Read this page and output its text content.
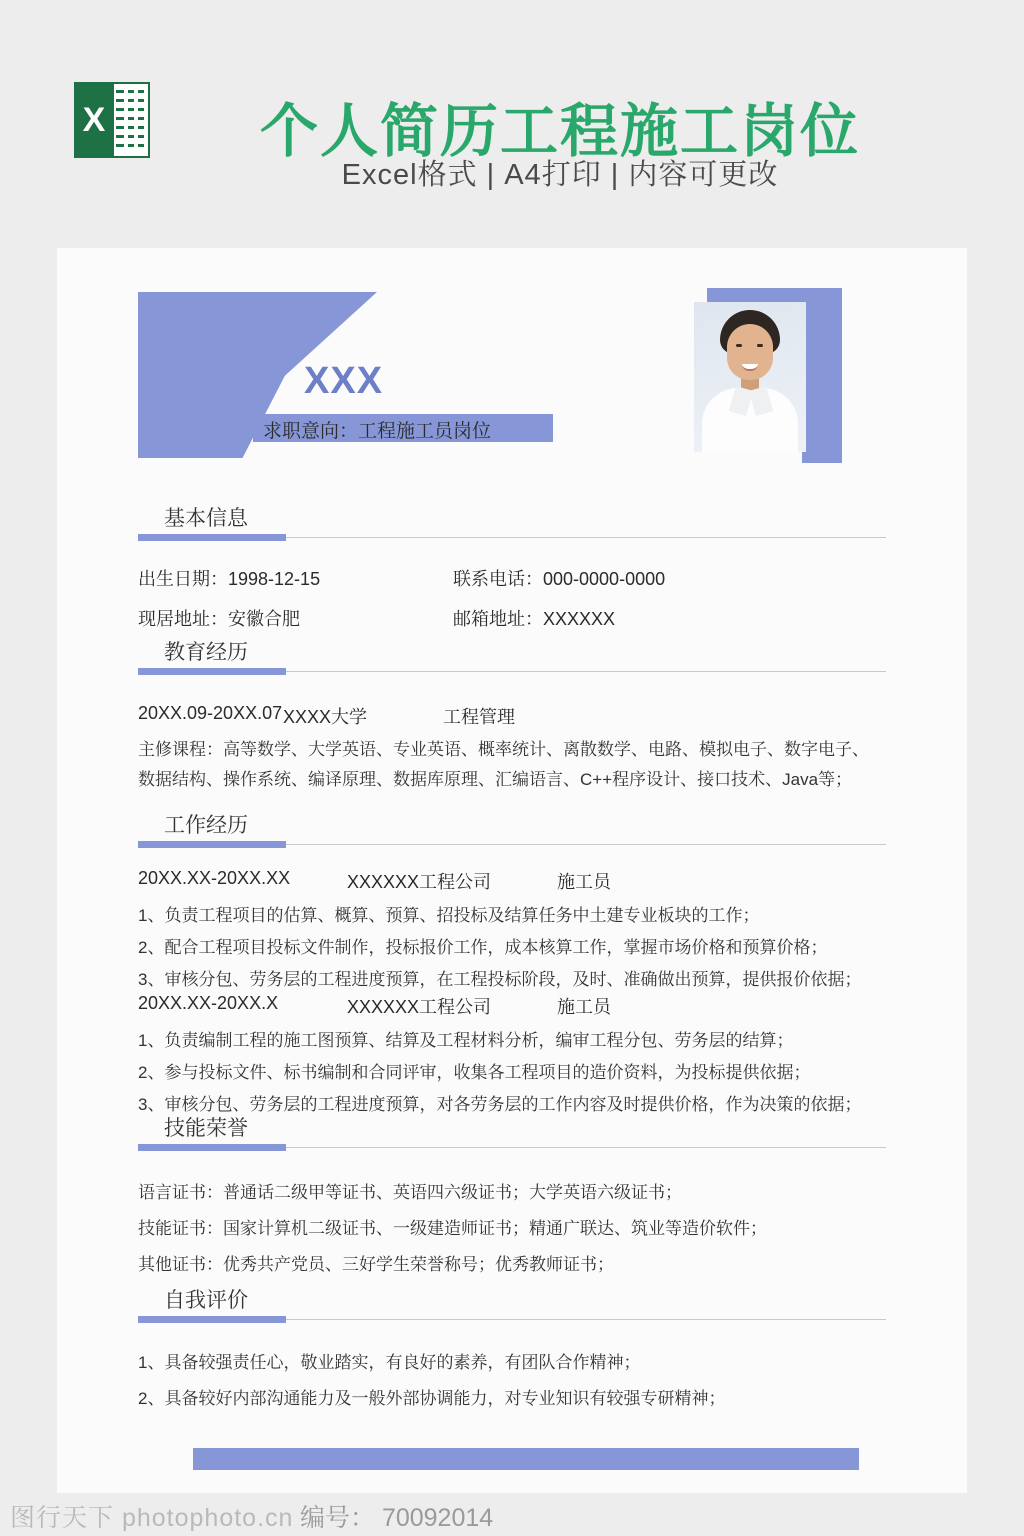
X	个人简历工程施工岗位
Excel格式 | A4打印 | 内容可更改
XXX
求职意向：工程施工员岗位
基本信息
出生日期：1998-12-15	联系电话：000-0000-0000
现居地址：安徽合肥	邮箱地址：XXXXXX
教育经历
20XX.09-20XX.07 XXXX大学	工程管理
主修课程：高等数学、大学英语、专业英语、概率统计、离散数学、电路、模拟电子、数字电子、
数据结构、操作系统、编译原理、数据库原理、汇编语言、C++程序设计、接口技术、Java等；
工作经历
20XX.XX-20XX.XX	XXXXXX工程公司	施工员
1、负责工程项目的估算、概算、预算、招投标及结算任务中土建专业板块的工作；
2、配合工程项目投标文件制作，投标报价工作，成本核算工作，掌握市场价格和预算价格；
3、审核分包、劳务层的工程进度预算，在工程投标阶段，及时、准确做出预算，提供报价依据；
20XX.XX-20XX.X	XXXXXX工程公司	施工员
1、负责编制工程的施工图预算、结算及工程材料分析，编审工程分包、劳务层的结算；
2、参与投标文件、标书编制和合同评审，收集各工程项目的造价资料，为投标提供依据；
3、审核分包、劳务层的工程进度预算，对各劳务层的工作内容及时提供价格，作为决策的依据；
技能荣誉
语言证书：普通话二级甲等证书、英语四六级证书；大学英语六级证书；
技能证书：国家计算机二级证书、一级建造师证书；精通广联达、筑业等造价软件；
其他证书：优秀共产党员、三好学生荣誉称号；优秀教师证书；
自我评价
1、具备较强责任心，敬业踏实，有良好的素养，有团队合作精神；
2、具备较好内部沟通能力及一般外部协调能力，对专业知识有较强专研精神；
图行天下 photophoto.cn 编号： 70092014
